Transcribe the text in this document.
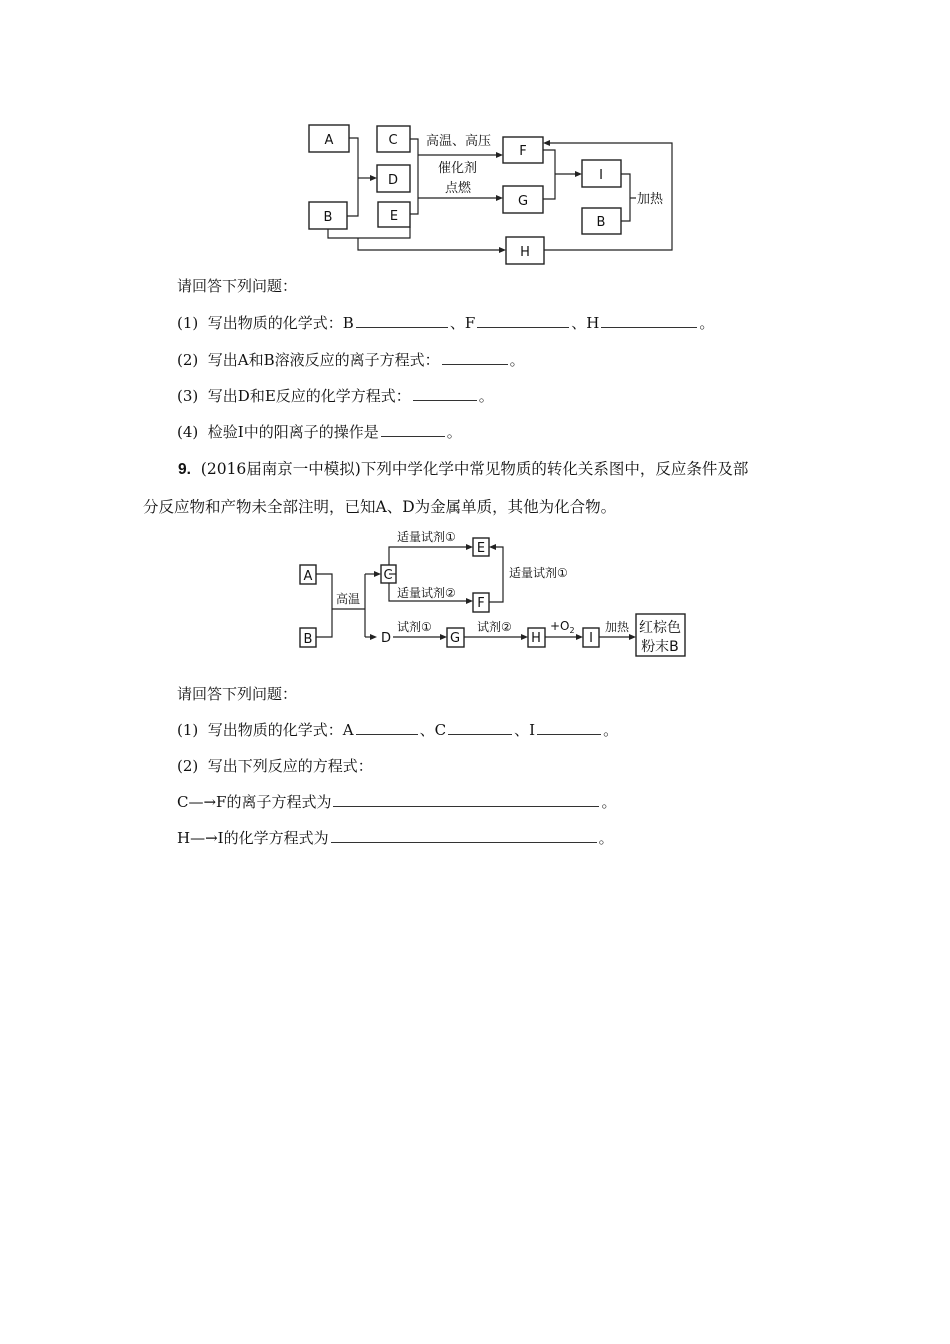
A
B
C
D
E
F
G
H
I
B
高温、高压
催化剂
点燃
加热
请回答下列问题：
(1) 写出物质的化学式：B	、F	、H	。
(2) 写出A和B溶液反应的离子方程式：	。
(3) 写出D和E反应的化学方程式：	。
(4) 检验I中的阳离子的操作是	。
9. (2016届南京一中模拟)下列中学化学中常见物质的转化关系图中，反应条件及部
分反应物和产物未全部注明，已知A、D为金属单质，其他为化合物。
A
B
高温
C
适量试剂①
适量试剂②
E
F
适量试剂①
D
试剂①
G
试剂②
H
$+O_2$
I
加热 红棕色
粉末B
请回答下列问题：
(1) 写出物质的化学式：A	、C	、I	。
(2) 写出下列反应的方程式：
C—→F的离子方程式为	。
H—→I的化学方程式为	。
